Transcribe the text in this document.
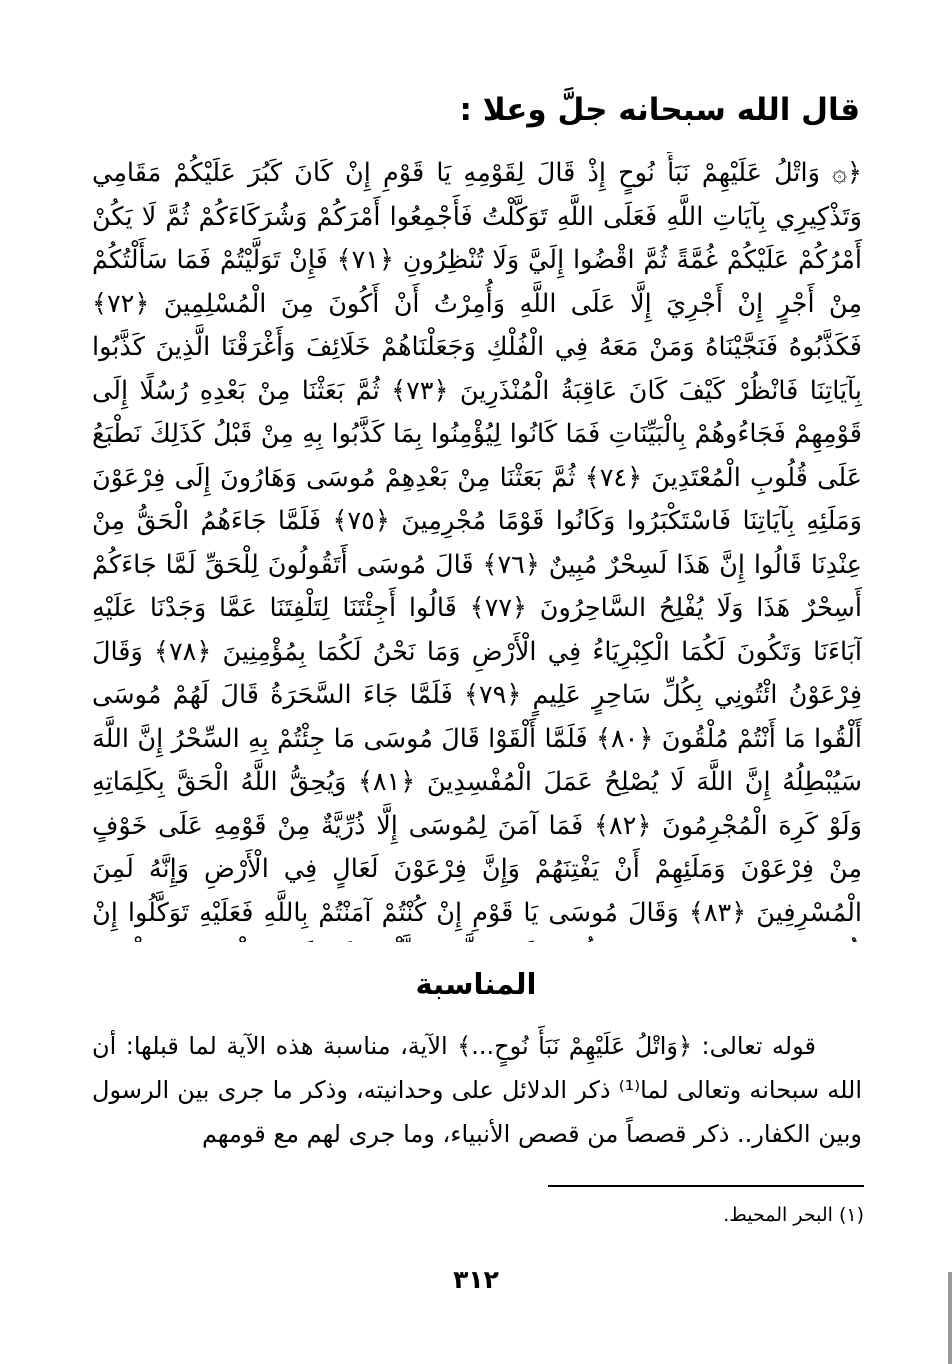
قال الله سبحانه جلَّ وعلا :
﴿۞ وَاتْلُ عَلَيْهِمْ نَبَأَ نُوحٍ إِذْ قَالَ لِقَوْمِهِ يَا قَوْمِ إِنْ كَانَ كَبُرَ عَلَيْكُمْ مَقَامِي وَتَذْكِيرِي بِآيَاتِ اللَّهِ فَعَلَى اللَّهِ تَوَكَّلْتُ فَأَجْمِعُوا أَمْرَكُمْ وَشُرَكَاءَكُمْ ثُمَّ لَا يَكُنْ أَمْرُكُمْ عَلَيْكُمْ غُمَّةً ثُمَّ اقْضُوا إِلَيَّ وَلَا تُنْظِرُونِ ﴿٧١﴾ فَإِنْ تَوَلَّيْتُمْ فَمَا سَأَلْتُكُمْ مِنْ أَجْرٍ إِنْ أَجْرِيَ إِلَّا عَلَى اللَّهِ وَأُمِرْتُ أَنْ أَكُونَ مِنَ الْمُسْلِمِينَ ﴿٧٢﴾ فَكَذَّبُوهُ فَنَجَّيْنَاهُ وَمَنْ مَعَهُ فِي الْفُلْكِ وَجَعَلْنَاهُمْ خَلَائِفَ وَأَغْرَقْنَا الَّذِينَ كَذَّبُوا بِآيَاتِنَا فَانْظُرْ كَيْفَ كَانَ عَاقِبَةُ الْمُنْذَرِينَ ﴿٧٣﴾ ثُمَّ بَعَثْنَا مِنْ بَعْدِهِ رُسُلًا إِلَى قَوْمِهِمْ فَجَاءُوهُمْ بِالْبَيِّنَاتِ فَمَا كَانُوا لِيُؤْمِنُوا بِمَا كَذَّبُوا بِهِ مِنْ قَبْلُ كَذَلِكَ نَطْبَعُ عَلَى قُلُوبِ الْمُعْتَدِينَ ﴿٧٤﴾ ثُمَّ بَعَثْنَا مِنْ بَعْدِهِمْ مُوسَى وَهَارُونَ إِلَى فِرْعَوْنَ وَمَلَئِهِ بِآيَاتِنَا فَاسْتَكْبَرُوا وَكَانُوا قَوْمًا مُجْرِمِينَ ﴿٧٥﴾ فَلَمَّا جَاءَهُمُ الْحَقُّ مِنْ عِنْدِنَا قَالُوا إِنَّ هَذَا لَسِحْرٌ مُبِينٌ ﴿٧٦﴾ قَالَ مُوسَى أَتَقُولُونَ لِلْحَقِّ لَمَّا جَاءَكُمْ أَسِحْرٌ هَذَا وَلَا يُفْلِحُ السَّاحِرُونَ ﴿٧٧﴾ قَالُوا أَجِئْتَنَا لِتَلْفِتَنَا عَمَّا وَجَدْنَا عَلَيْهِ آبَاءَنَا وَتَكُونَ لَكُمَا الْكِبْرِيَاءُ فِي الْأَرْضِ وَمَا نَحْنُ لَكُمَا بِمُؤْمِنِينَ ﴿٧٨﴾ وَقَالَ فِرْعَوْنُ ائْتُونِي بِكُلِّ سَاحِرٍ عَلِيمٍ ﴿٧٩﴾ فَلَمَّا جَاءَ السَّحَرَةُ قَالَ لَهُمْ مُوسَى أَلْقُوا مَا أَنْتُمْ مُلْقُونَ ﴿٨٠﴾ فَلَمَّا أَلْقَوْا قَالَ مُوسَى مَا جِئْتُمْ بِهِ السِّحْرُ إِنَّ اللَّهَ سَيُبْطِلُهُ إِنَّ اللَّهَ لَا يُصْلِحُ عَمَلَ الْمُفْسِدِينَ ﴿٨١﴾ وَيُحِقُّ اللَّهُ الْحَقَّ بِكَلِمَاتِهِ وَلَوْ كَرِهَ الْمُجْرِمُونَ ﴿٨٢﴾ فَمَا آمَنَ لِمُوسَى إِلَّا ذُرِّيَّةٌ مِنْ قَوْمِهِ عَلَى خَوْفٍ مِنْ فِرْعَوْنَ وَمَلَئِهِمْ أَنْ يَفْتِنَهُمْ وَإِنَّ فِرْعَوْنَ لَعَالٍ فِي الْأَرْضِ وَإِنَّهُ لَمِنَ الْمُسْرِفِينَ ﴿٨٣﴾ وَقَالَ مُوسَى يَا قَوْمِ إِنْ كُنْتُمْ آمَنْتُمْ بِاللَّهِ فَعَلَيْهِ تَوَكَّلُوا إِنْ
المناسبة
قوله تعالى: ﴿وَاتْلُ عَلَيْهِمْ نَبَأَ نُوحٍ...﴾ الآية، مناسبة هذه الآية لما قبلها: أن الله سبحانه وتعالى لما⁽¹⁾ ذكر الدلائل على وحدانيته، وذكر ما جرى بين الرسول وبين الكفار.. ذكر قصصاً من قصص الأنبياء، وما جرى لهم مع قومهم
(١) البحر المحيط.
٣١٢
